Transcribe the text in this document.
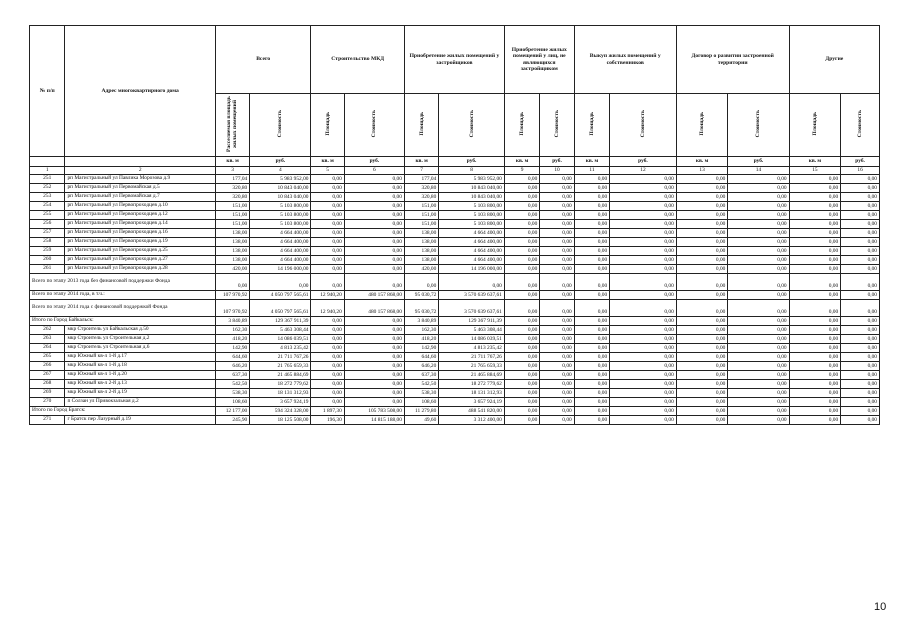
№ п/п	Адрес многоквартирного дома	Всего		Строительство МКД		Приобретение жилых помещений у застройщиков		Приобретение жилых помещений у лиц, не являющихся застройщиком		Выкуп жилых помещений у собственников		Договор о развитии застроенной территории		Другие	
		Расселяемая площадь жилых помещений	Стоимость	Площадь	Стоимость	Площадь	Стоимость	Площадь	Стоимость	Площадь	Стоимость	Площадь	Стоимость	Площадь	Стоимость
		кв. м	руб.	кв. м	руб.	кв. м	руб.	кв. м	руб.	кв. м	руб.	кв. м	руб.	кв. м	руб.
1	2	3	4	5	6	7	8	9	10	11	12	13	14	15	16
251	рп Магистральный ул Павлика Морозова д.9	177,04	5 983 952,00	0,00	0,00	177,04	5 983 952,00	0,00	0,00	0,00	0,00	0,00	0,00	0,00	0,00
252	рп Магистральный ул Первомайская д.5	320,80	10 843 040,00	0,00	0,00	320,80	10 843 040,00	0,00	0,00	0,00	0,00	0,00	0,00	0,00	0,00
253	рп Магистральный ул Первомайская д.7	320,80	10 843 040,00	0,00	0,00	320,80	10 843 040,00	0,00	0,00	0,00	0,00	0,00	0,00	0,00	0,00
254	рп Магистральный ул Первопроходцев д.10	151,00	5 103 800,00	0,00	0,00	151,00	5 103 800,00	0,00	0,00	0,00	0,00	0,00	0,00	0,00	0,00
255	рп Магистральный ул Первопроходцев д.12	151,00	5 103 800,00	0,00	0,00	151,00	5 103 800,00	0,00	0,00	0,00	0,00	0,00	0,00	0,00	0,00
256	рп Магистральный ул Первопроходцев д.14	151,00	5 103 800,00	0,00	0,00	151,00	5 103 800,00	0,00	0,00	0,00	0,00	0,00	0,00	0,00	0,00
257	рп Магистральный ул Первопроходцев д.16	138,00	4 664 400,00	0,00	0,00	138,00	4 664 400,00	0,00	0,00	0,00	0,00	0,00	0,00	0,00	0,00
258	рп Магистральный ул Первопроходцев д.19	138,00	4 664 400,00	0,00	0,00	138,00	4 664 400,00	0,00	0,00	0,00	0,00	0,00	0,00	0,00	0,00
259	рп Магистральный ул Первопроходцев д.25	138,00	4 664 400,00	0,00	0,00	138,00	4 664 400,00	0,00	0,00	0,00	0,00	0,00	0,00	0,00	0,00
260	рп Магистральный ул Первопроходцев д.27	138,00	4 664 400,00	0,00	0,00	138,00	4 664 400,00	0,00	0,00	0,00	0,00	0,00	0,00	0,00	0,00
261	рп Магистральный ул Первопроходцев д.28	420,00	14 196 000,00	0,00	0,00	420,00	14 196 000,00	0,00	0,00	0,00	0,00	0,00	0,00	0,00	0,00
Всего по этапу 2013 года без финансовой поддержки Фонда		0,00	0,00	0,00	0,00	0,00	0,00	0,00	0,00	0,00	0,00	0,00	0,00	0,00	0,00
Всего по этапу 2014 года, в т.ч.:		107 970,92	4 050 797 565,61	12 940,20	480 157 868,00	95 030,72	3 570 639 637,61	0,00	0,00	0,00	0,00	0,00	0,00	0,00	0,00
Всего по этапу 2014 года с финансовой поддержкой Фонда		107 970,92	4 050 797 565,61	12 940,20	480 157 868,00	95 030,72	3 570 639 637,61	0,00	0,00	0,00	0,00	0,00	0,00	0,00	0,00
Итого по Город Байкальск:		3 840,89	129 367 911,39	0,00	0,00	3 840,89	129 367 911,39	0,00	0,00	0,00	0,00	0,00	0,00	0,00	0,00
262	мкр Строитель ул Байкальская д.50	162,30	5 463 308,44	0,00	0,00	162,30	5 463 308,44	0,00	0,00	0,00	0,00	0,00	0,00	0,00	0,00
263	мкр Строитель ул Строительная д.2	418,20	14 086 039,51	0,00	0,00	418,20	14 086 039,51	0,00	0,00	0,00	0,00	0,00	0,00	0,00	0,00
264	мкр Строитель ул Строительная д.6	142,90	4 813 235,42	0,00	0,00	142,90	4 813 235,42	0,00	0,00	0,00	0,00	0,00	0,00	0,00	0,00
265	мкр Южный кв-л 1-й д.17	644,60	21 711 767,26	0,00	0,00	644,60	21 711 767,26	0,00	0,00	0,00	0,00	0,00	0,00	0,00	0,00
266	мкр Южный кв-л 1-й д.18	646,20	21 765 659,33	0,00	0,00	646,20	21 765 659,33	0,00	0,00	0,00	0,00	0,00	0,00	0,00	0,00
267	мкр Южный кв-л 1-й д.20	637,30	21 465 884,69	0,00	0,00	637,30	21 465 884,69	0,00	0,00	0,00	0,00	0,00	0,00	0,00	0,00
268	мкр Южный кв-л 2-й д.13	542,50	18 272 779,62	0,00	0,00	542,50	18 272 779,62	0,00	0,00	0,00	0,00	0,00	0,00	0,00	0,00
269	мкр Южный кв-л 2-й д.19	538,30	18 131 312,93	0,00	0,00	538,30	18 131 312,93	0,00	0,00	0,00	0,00	0,00	0,00	0,00	0,00
270	п Солзан ул Привокзальная д.2	108,60	3 657 924,19	0,00	0,00	108,60	3 657 924,19	0,00	0,00	0,00	0,00	0,00	0,00	0,00	0,00
Итого по Город Братск:		12 177,00	594 324 328,00	1 897,30	105 783 508,00	11 279,80	488 541 820,00	0,00	0,00	0,00	0,00	0,00	0,00	0,00	0,00
271	г Братск пер Лазурный д.19	245,90	18 125 508,00	196,30	14 815 188,00	49,60	3 312 400,00	0,00	0,00	0,00	0,00	0,00	0,00	0,00	0,00
10
